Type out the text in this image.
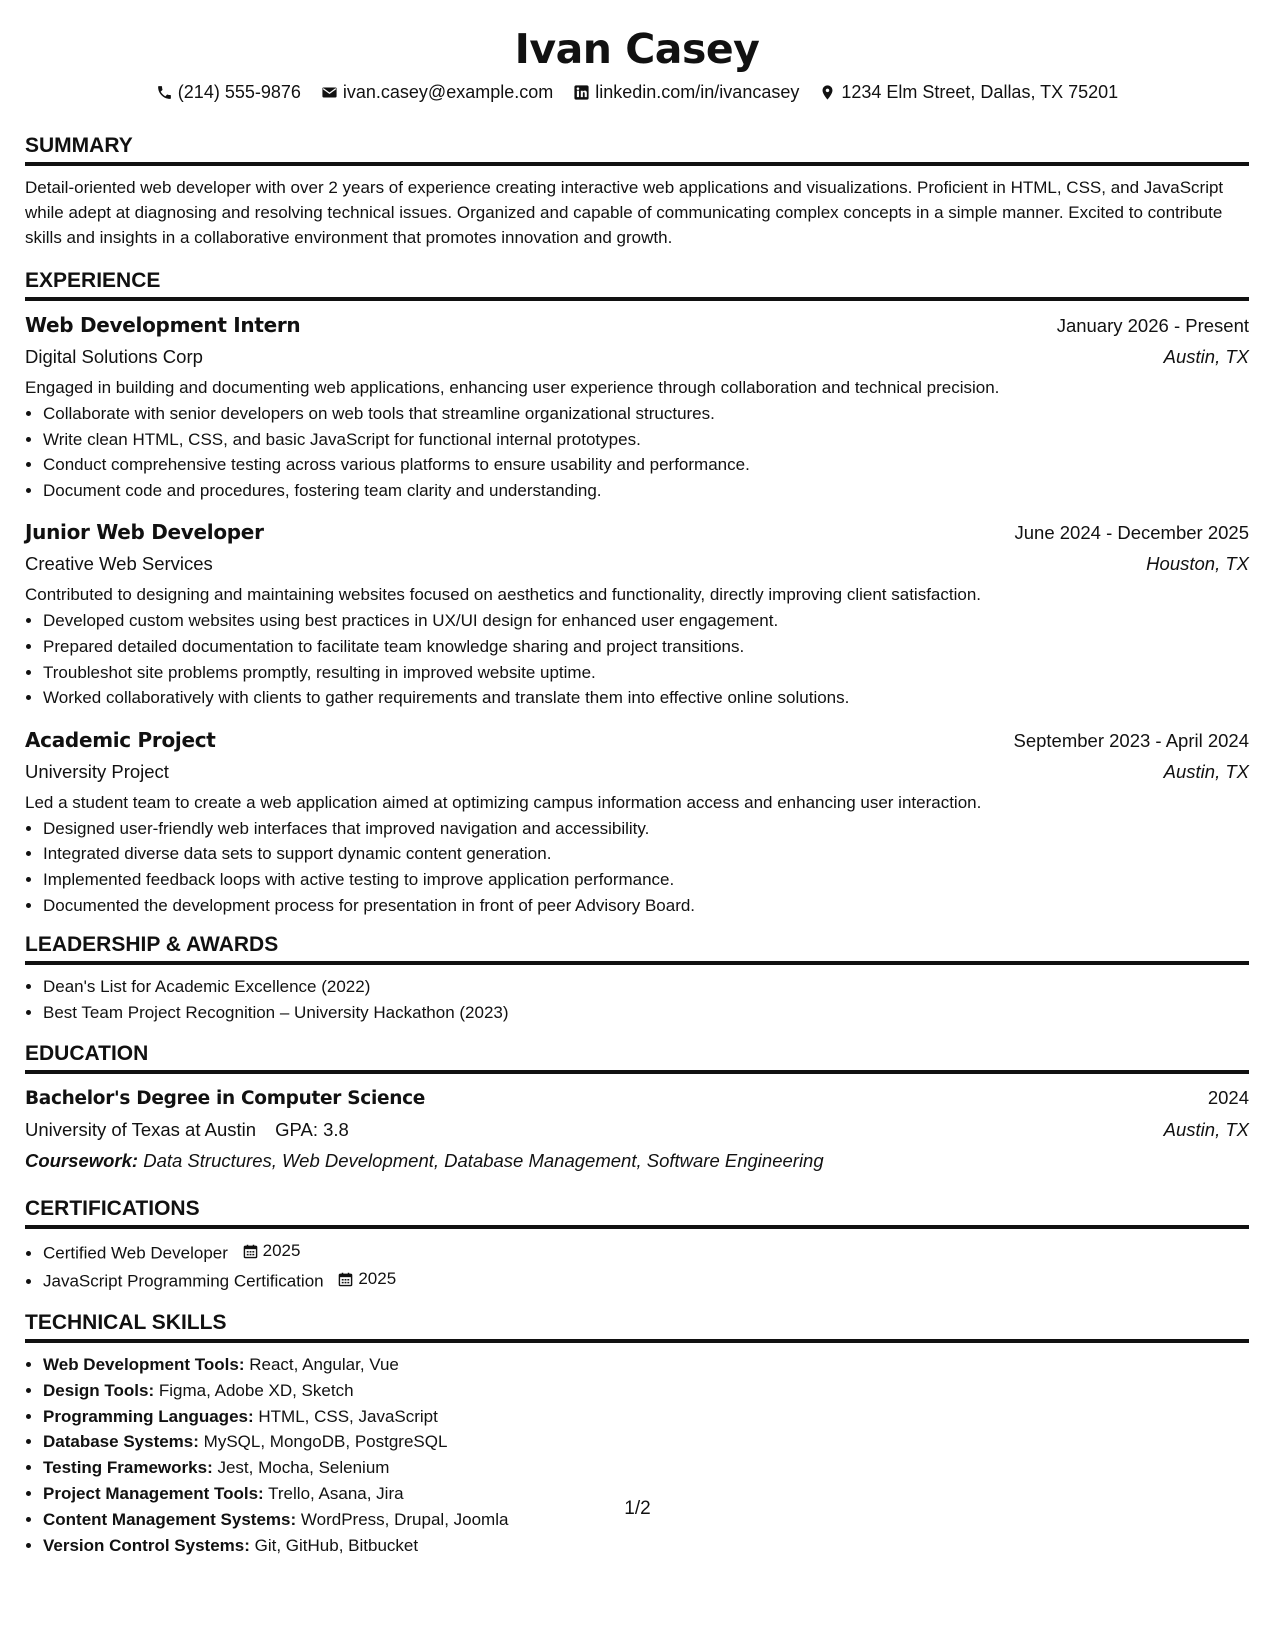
Ivan Casey
(214) 555-9876 ivan.casey@example.com linkedin.com/in/ivancasey 1234 Elm Street, Dallas, TX 75201
SUMMARY
Detail-oriented web developer with over 2 years of experience creating interactive web applications and visualizations. Proficient in HTML, CSS, and JavaScript while adept at diagnosing and resolving technical issues. Organized and capable of communicating complex concepts in a simple manner. Excited to contribute skills and insights in a collaborative environment that promotes innovation and growth.
EXPERIENCE
Web Development Intern	January 2026 - Present
Digital Solutions Corp	Austin, TX
Engaged in building and documenting web applications, enhancing user experience through collaboration and technical precision.
• Collaborate with senior developers on web tools that streamline organizational structures.
• Write clean HTML, CSS, and basic JavaScript for functional internal prototypes.
• Conduct comprehensive testing across various platforms to ensure usability and performance.
• Document code and procedures, fostering team clarity and understanding.
Junior Web Developer	June 2024 - December 2025
Creative Web Services	Houston, TX
Contributed to designing and maintaining websites focused on aesthetics and functionality, directly improving client satisfaction.
• Developed custom websites using best practices in UX/UI design for enhanced user engagement.
• Prepared detailed documentation to facilitate team knowledge sharing and project transitions.
• Troubleshot site problems promptly, resulting in improved website uptime.
• Worked collaboratively with clients to gather requirements and translate them into effective online solutions.
Academic Project	September 2023 - April 2024
University Project	Austin, TX
Led a student team to create a web application aimed at optimizing campus information access and enhancing user interaction.
• Designed user-friendly web interfaces that improved navigation and accessibility.
• Integrated diverse data sets to support dynamic content generation.
• Implemented feedback loops with active testing to improve application performance.
• Documented the development process for presentation in front of peer Advisory Board.
LEADERSHIP & AWARDS
• Dean's List for Academic Excellence (2022)
• Best Team Project Recognition – University Hackathon (2023)
EDUCATION
Bachelor's Degree in Computer Science	2024
University of Texas at Austin GPA: 3.8	Austin, TX
Coursework: Data Structures, Web Development, Database Management, Software Engineering
CERTIFICATIONS
• Certified Web Developer 2025
• JavaScript Programming Certification 2025
TECHNICAL SKILLS
• Web Development Tools: React, Angular, Vue
• Design Tools: Figma, Adobe XD, Sketch
• Programming Languages: HTML, CSS, JavaScript
• Database Systems: MySQL, MongoDB, PostgreSQL
• Testing Frameworks: Jest, Mocha, Selenium
• Project Management Tools: Trello, Asana, Jira
• Content Management Systems: WordPress, Drupal, Joomla
• Version Control Systems: Git, GitHub, Bitbucket
1/2
